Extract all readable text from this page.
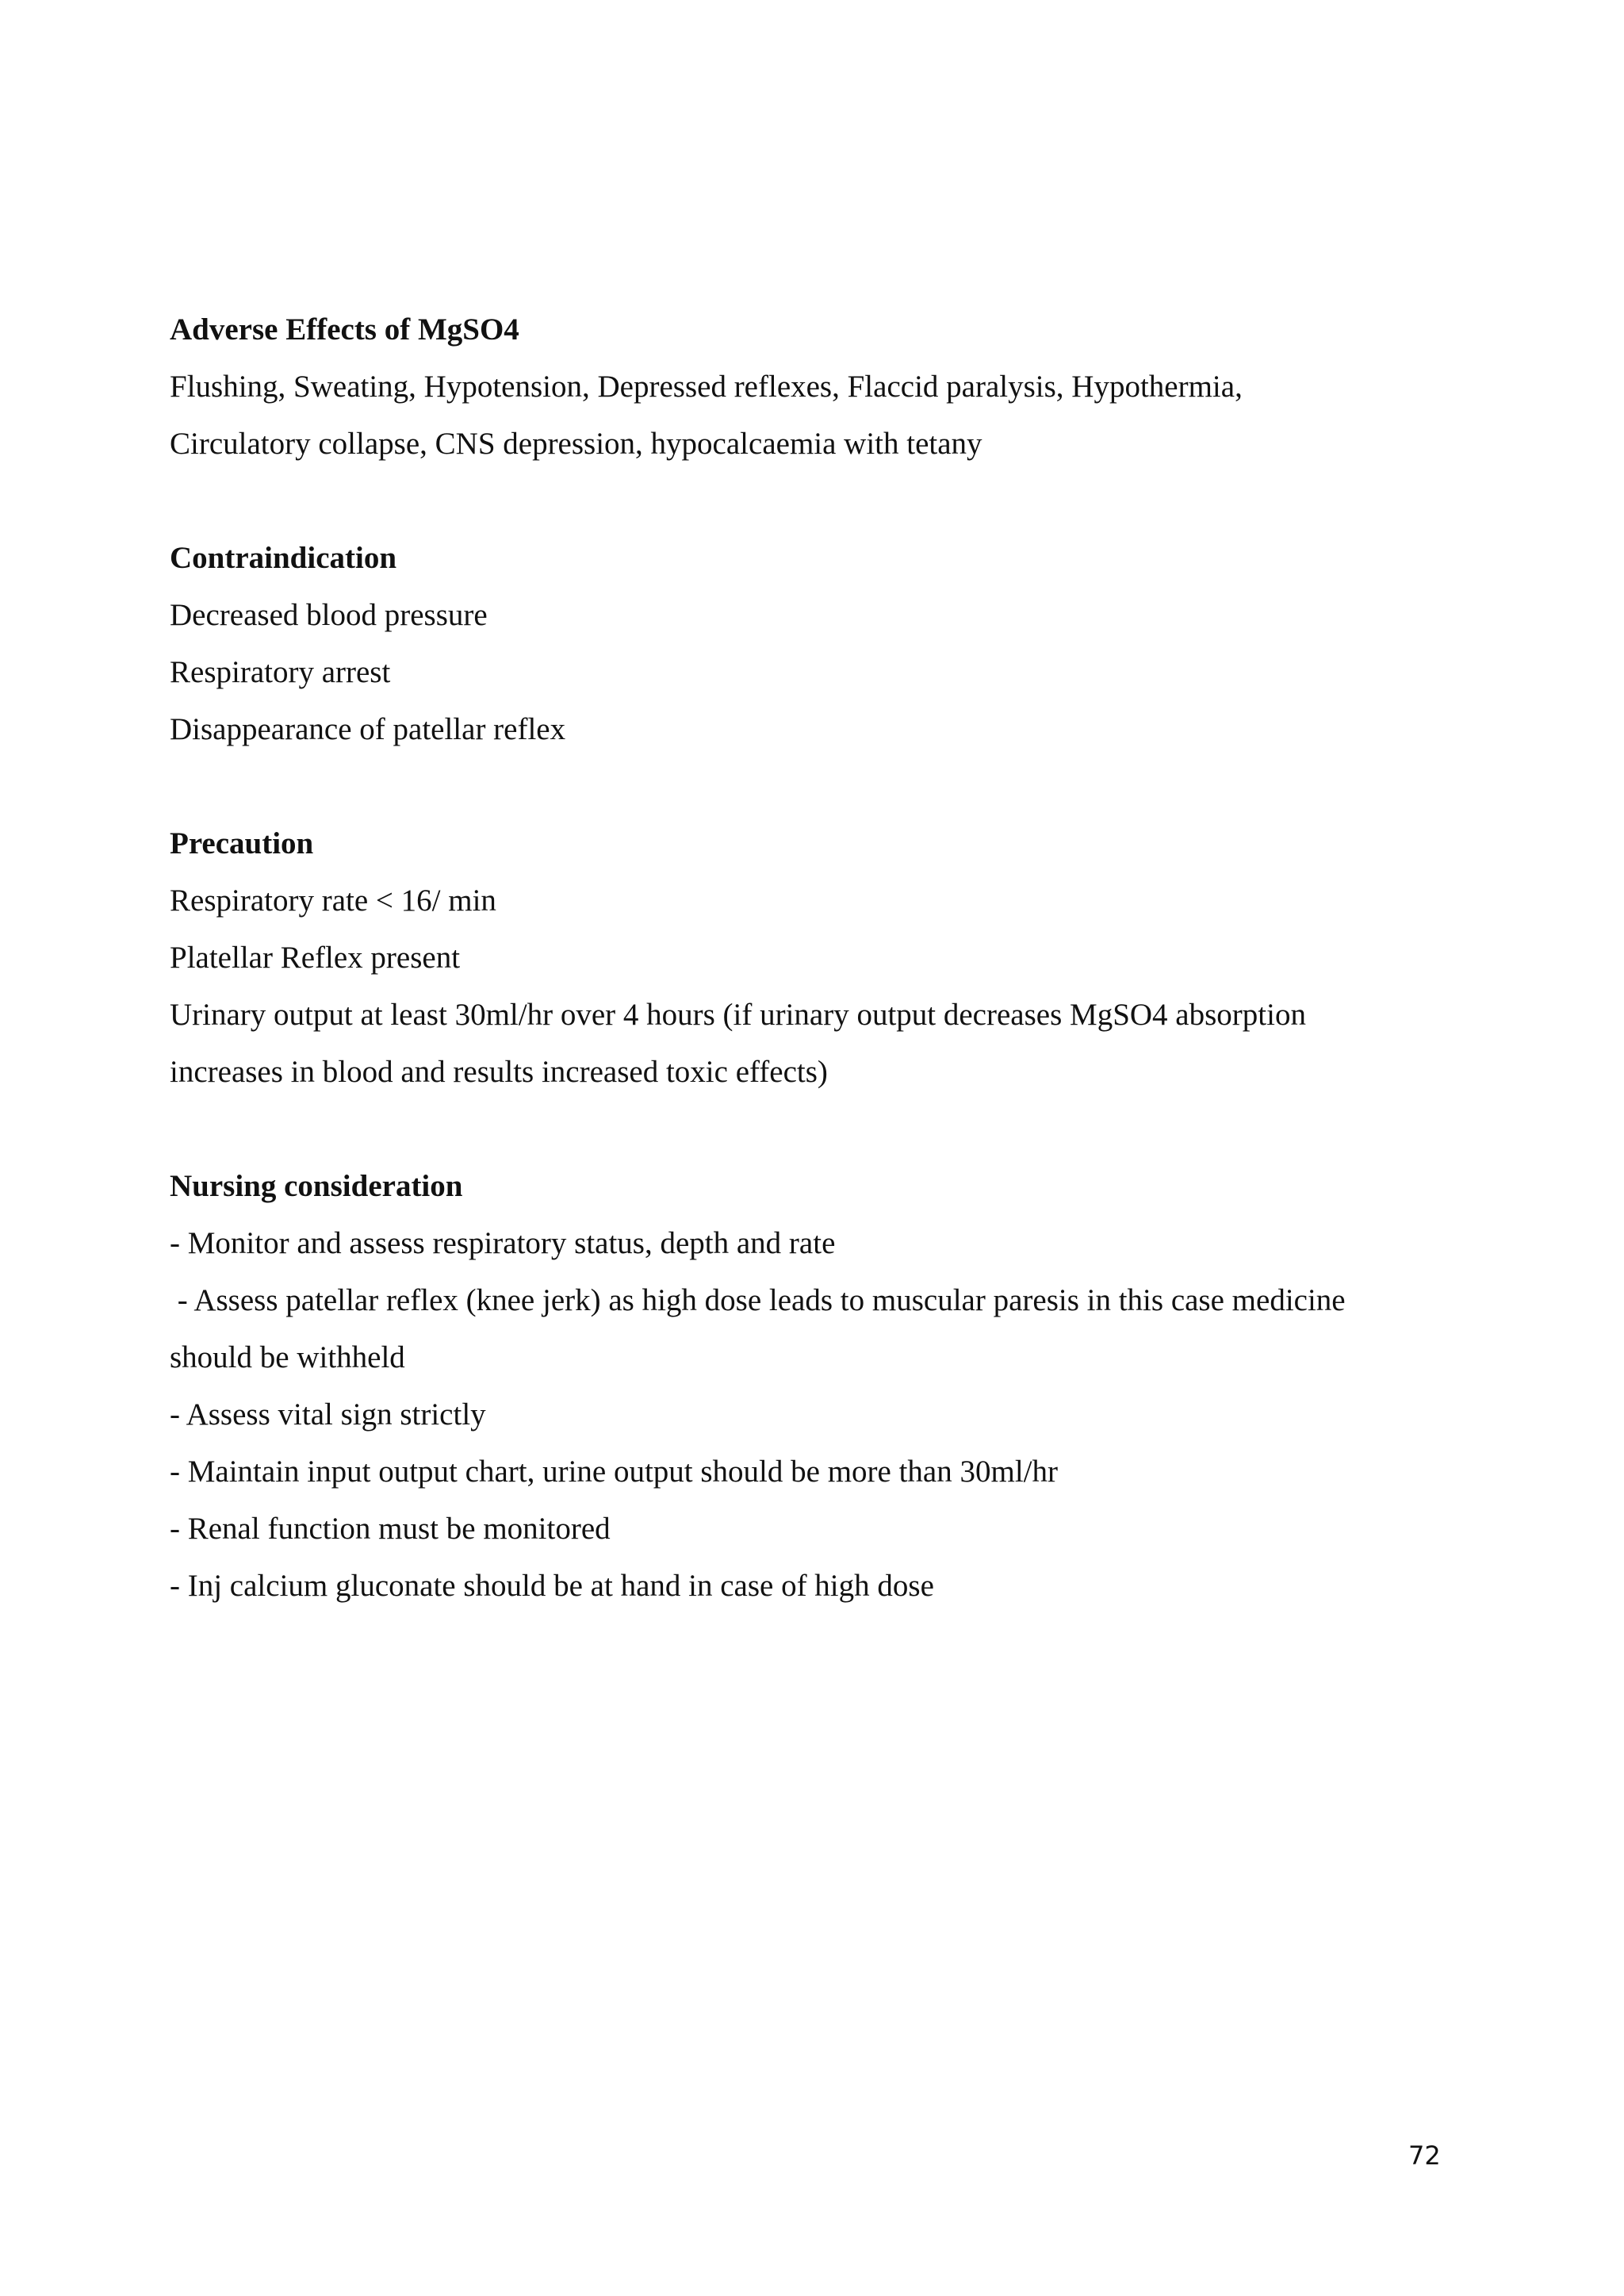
Adverse Effects of MgSO4

Flushing, Sweating, Hypotension, Depressed reflexes, Flaccid paralysis, Hypothermia,

Circulatory collapse, CNS depression, hypocalcaemia with tetany

Contraindication

Decreased blood pressure

Respiratory arrest

Disappearance of patellar reflex

Precaution

Respiratory rate < 16/ min

Platellar Reflex present

Urinary output at least 30ml/hr over 4 hours (if urinary output decreases MgSO4 absorption

increases in blood and results increased toxic effects)

Nursing consideration

- Monitor and assess respiratory status, depth and rate

- Assess patellar reflex (knee jerk) as high dose leads to muscular paresis in this case medicine

should be withheld

- Assess vital sign strictly

- Maintain input output chart, urine output should be more than 30ml/hr

- Renal function must be monitored

- Inj calcium gluconate should be at hand in case of high dose

72
